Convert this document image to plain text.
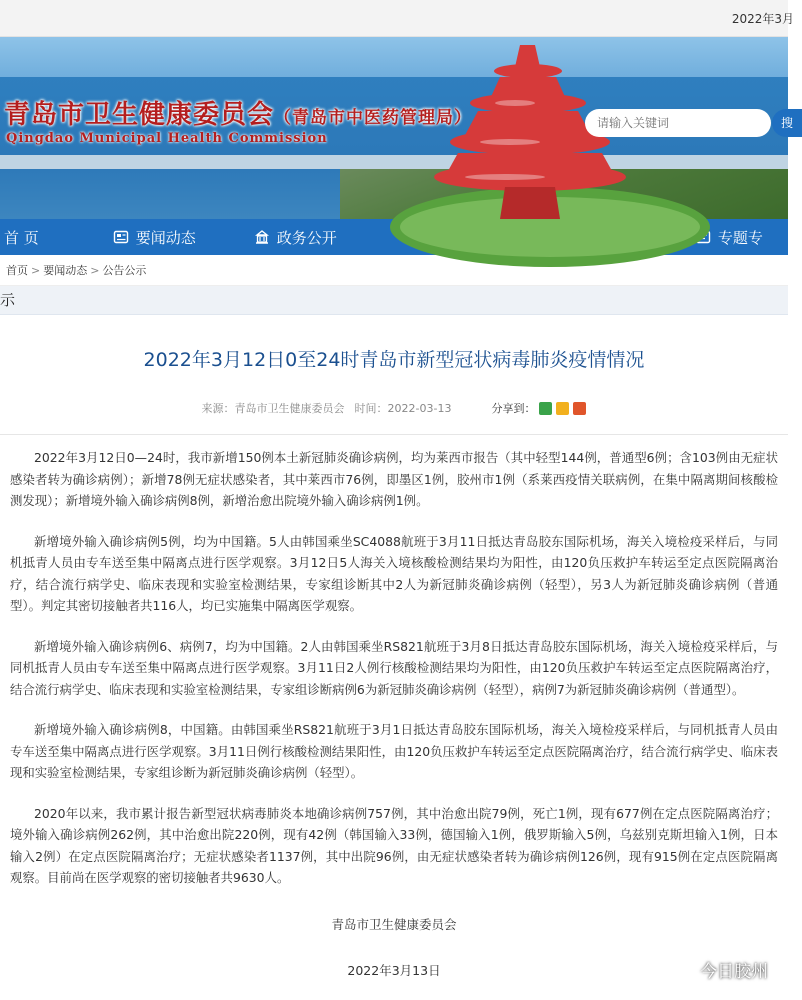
2022年3月
青岛市卫生健康委员会（青岛市中医药管理局）
Qingdao Municipal Health Commission
请输入关键词
搜
首 页	要闻动态	政务公开	专题专
首页 > 要闻动态 > 公告公示
示
2022年3月12日0至24时青岛市新型冠状病毒肺炎疫情情况
来源： 青岛市卫生健康委员会 时间： 2022-03-13	分享到：

2022年3月12日0—24时，我市新增150例本土新冠肺炎确诊病例，均为莱西市报告（其中轻型144例，普通型6例；含103例由无症状感染者转为确诊病例）；新增78例无症状感染者，其中莱西市76例，即墨区1例，胶州市1例（系莱西疫情关联病例，在集中隔离期间核酸检测发现）；新增境外输入确诊病例8例，新增治愈出院境外输入确诊病例1例。

新增境外输入确诊病例5例，均为中国籍。5人由韩国乘坐SC4088航班于3月11日抵达青岛胶东国际机场，海关入境检疫采样后，与同机抵青人员由专车送至集中隔离点进行医学观察。3月12日5人海关入境核酸检测结果均为阳性，由120负压救护车转运至定点医院隔离治疗，结合流行病学史、临床表现和实验室检测结果，专家组诊断其中2人为新冠肺炎确诊病例（轻型），另3人为新冠肺炎确诊病例（普通型）。判定其密切接触者共116人，均已实施集中隔离医学观察。

新增境外输入确诊病例6、病例7，均为中国籍。2人由韩国乘坐RS821航班于3月8日抵达青岛胶东国际机场，海关入境检疫采样后，与同机抵青人员由专车送至集中隔离点进行医学观察。3月11日2人例行核酸检测结果均为阳性，由120负压救护车转运至定点医院隔离治疗，结合流行病学史、临床表现和实验室检测结果，专家组诊断病例6为新冠肺炎确诊病例（轻型），病例7为新冠肺炎确诊病例（普通型）。

新增境外输入确诊病例8，中国籍。由韩国乘坐RS821航班于3月1日抵达青岛胶东国际机场，海关入境检疫采样后，与同机抵青人员由专车送至集中隔离点进行医学观察。3月11日例行核酸检测结果阳性，由120负压救护车转运至定点医院隔离治疗，结合流行病学史、临床表现和实验室检测结果，专家组诊断为新冠肺炎确诊病例（轻型）。

2020年以来，我市累计报告新型冠状病毒肺炎本地确诊病例757例，其中治愈出院79例，死亡1例，现有677例在定点医院隔离治疗；境外输入确诊病例262例，其中治愈出院220例，现有42例（韩国输入33例，德国输入1例，俄罗斯输入5例，乌兹别克斯坦输入1例，日本输入2例）在定点医院隔离治疗；无症状感染者1137例，其中出院96例，由无症状感染者转为确诊病例126例，现有915例在定点医院隔离观察。目前尚在医学观察的密切接触者共9630人。

青岛市卫生健康委员会
2022年3月13日	今日胶州
